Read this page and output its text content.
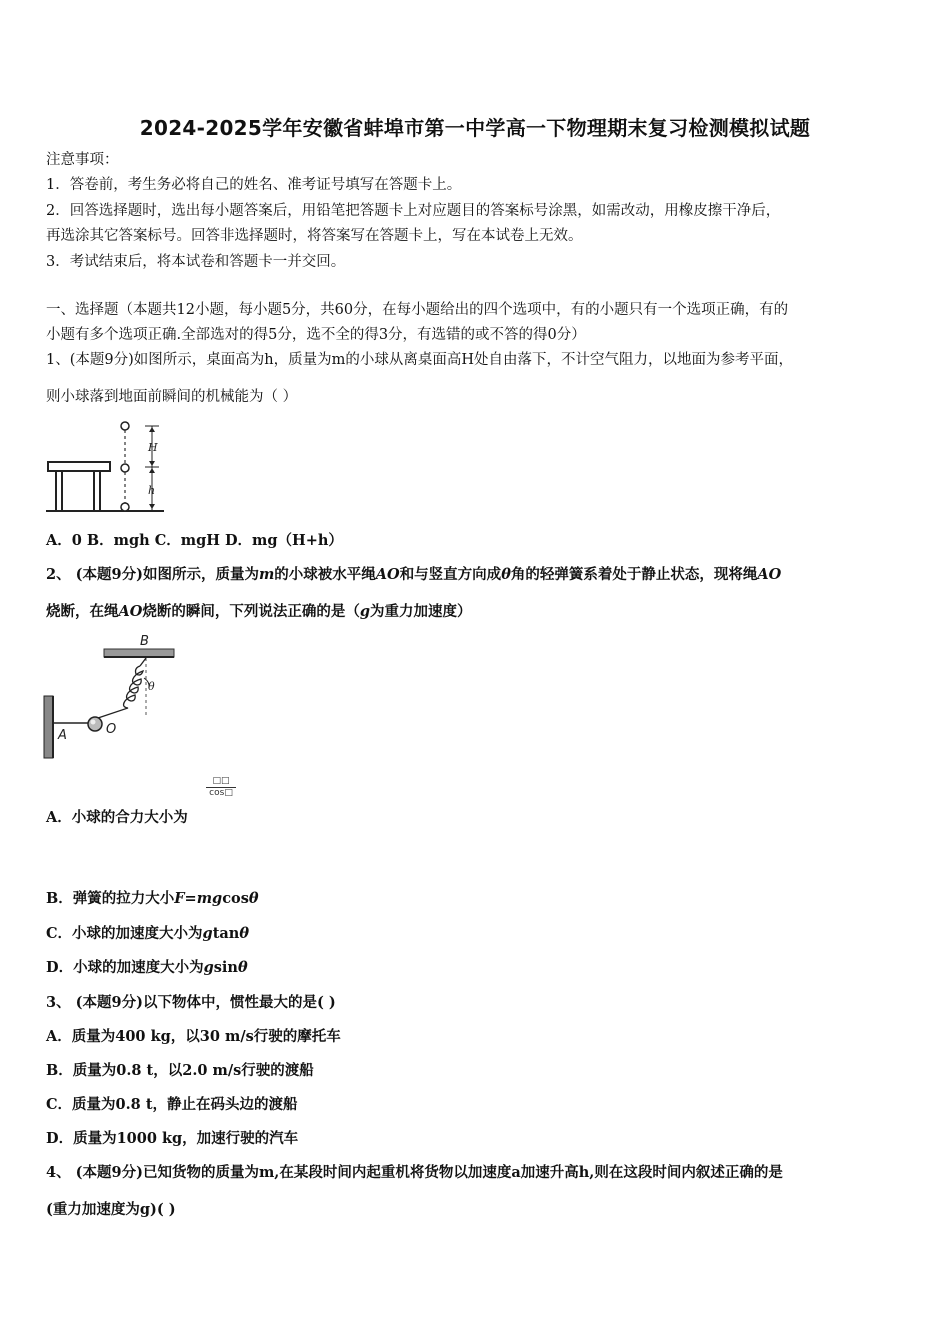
2024-2025学年安徽省蚌埠市第一中学高一下物理期末复习检测模拟试题
注意事项：
1．答卷前，考生务必将自己的姓名、准考证号填写在答题卡上。
2．回答选择题时，选出每小题答案后，用铅笔把答题卡上对应题目的答案标号涂黑，如需改动，用橡皮擦干净后，
再选涂其它答案标号。回答非选择题时，将答案写在答题卡上，写在本试卷上无效。
3．考试结束后，将本试卷和答题卡一并交回。
一、选择题（本题共12小题，每小题5分，共60分，在每小题给出的四个选项中，有的小题只有一个选项正确，有的
小题有多个选项正确.全部选对的得5分，选不全的得3分，有选错的或不答的得0分）
1、(本题9分)如图所示，桌面高为h，质量为m的小球从离桌面高H处自由落下，不计空气阻力，以地面为参考平面，
则小球落到地面前瞬间的机械能为（ ）
H
h
A．0 B．mgh C．mgH D．mg（H+h）
2、 (本题9分)如图所示，质量为m的小球被水平绳AO和与竖直方向成θ角的轻弹簧系着处于静止状态，现将绳AO
烧断，在绳AO烧断的瞬间，下列说法正确的是（g为重力加速度）
B
θ
A	O
□□
cos□
A．小球的合力大小为
B．弹簧的拉力大小F=mgcosθ
C．小球的加速度大小为gtanθ
D．小球的加速度大小为gsinθ
3、 (本题9分)以下物体中，惯性最大的是( )
A．质量为400 kg，以30 m/s行驶的摩托车
B．质量为0.8 t，以2.0 m/s行驶的渡船
C．质量为0.8 t，静止在码头边的渡船
D．质量为1000 kg，加速行驶的汽车
4、 (本题9分)已知货物的质量为m,在某段时间内起重机将货物以加速度a加速升高h,则在这段时间内叙述正确的是
(重力加速度为g)( )
